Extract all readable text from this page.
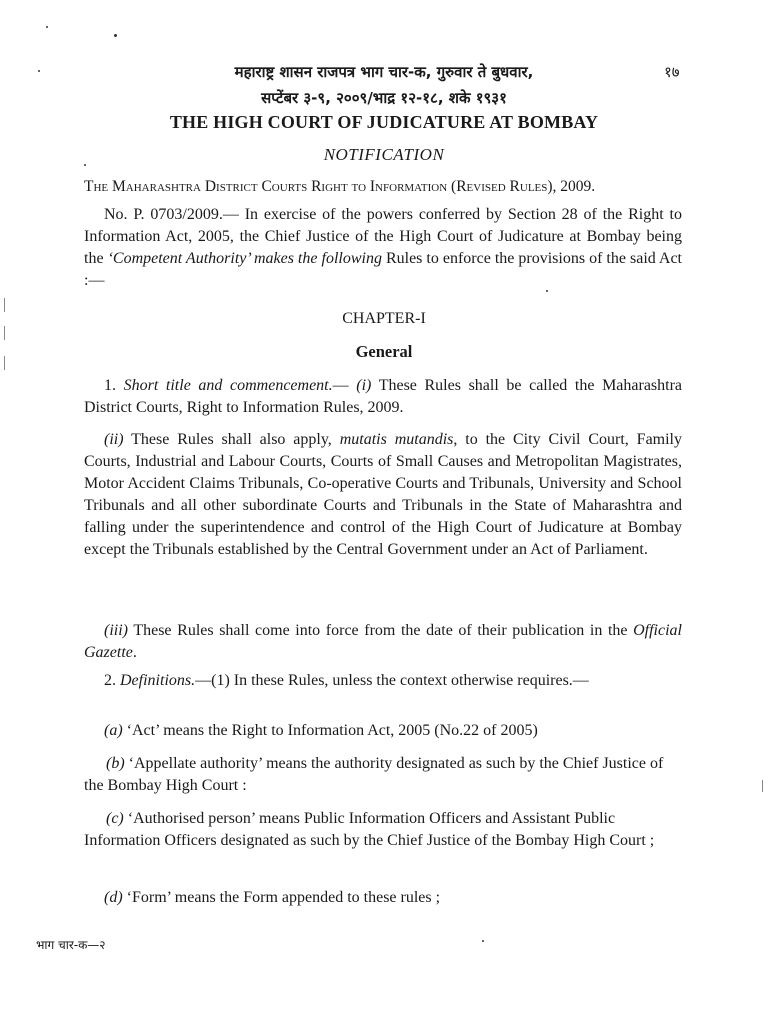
महाराष्ट्र शासन राजपत्र भाग चार-क, गुरुवार ते बुधवार,
सप्टेंबर ३-९, २००९/भाद्र १२-१८, शके १९३१
१७
THE HIGH COURT OF JUDICATURE AT BOMBAY
NOTIFICATION
The Maharashtra District Courts Right to Information (Revised Rules), 2009.
No. P. 0703/2009.— In exercise of the powers conferred by Section 28 of the Right to Information Act, 2005, the Chief Justice of the High Court of Judicature at Bombay being the ‘Competent Authority’ makes the following Rules to enforce the provisions of the said Act :—
CHAPTER-I
General
1. Short title and commencement.— (i) These Rules shall be called the Maharashtra District Courts, Right to Information Rules, 2009.
(ii) These Rules shall also apply, mutatis mutandis, to the City Civil Court, Family Courts, Industrial and Labour Courts, Courts of Small Causes and Metropolitan Magistrates, Motor Accident Claims Tribunals, Co-operative Courts and Tribunals, University and School Tribunals and all other subordinate Courts and Tribunals in the State of Maharashtra and falling under the superintendence and control of the High Court of Judicature at Bombay except the Tribunals established by the Central Government under an Act of Parliament.
(iii) These Rules shall come into force from the date of their publication in the Official Gazette.
2. Definitions.—(1) In these Rules, unless the context otherwise requires.—
(a) ‘Act’ means the Right to Information Act, 2005 (No.22 of 2005)
(b) ‘Appellate authority’ means the authority designated as such by the Chief Justice of the Bombay High Court :
(c) ‘Authorised person’ means Public Information Officers and Assistant Public Information Officers designated as such by the Chief Justice of the Bombay High Court ;
(d) ‘Form’ means the Form appended to these rules ;
भाग चार-क—२
